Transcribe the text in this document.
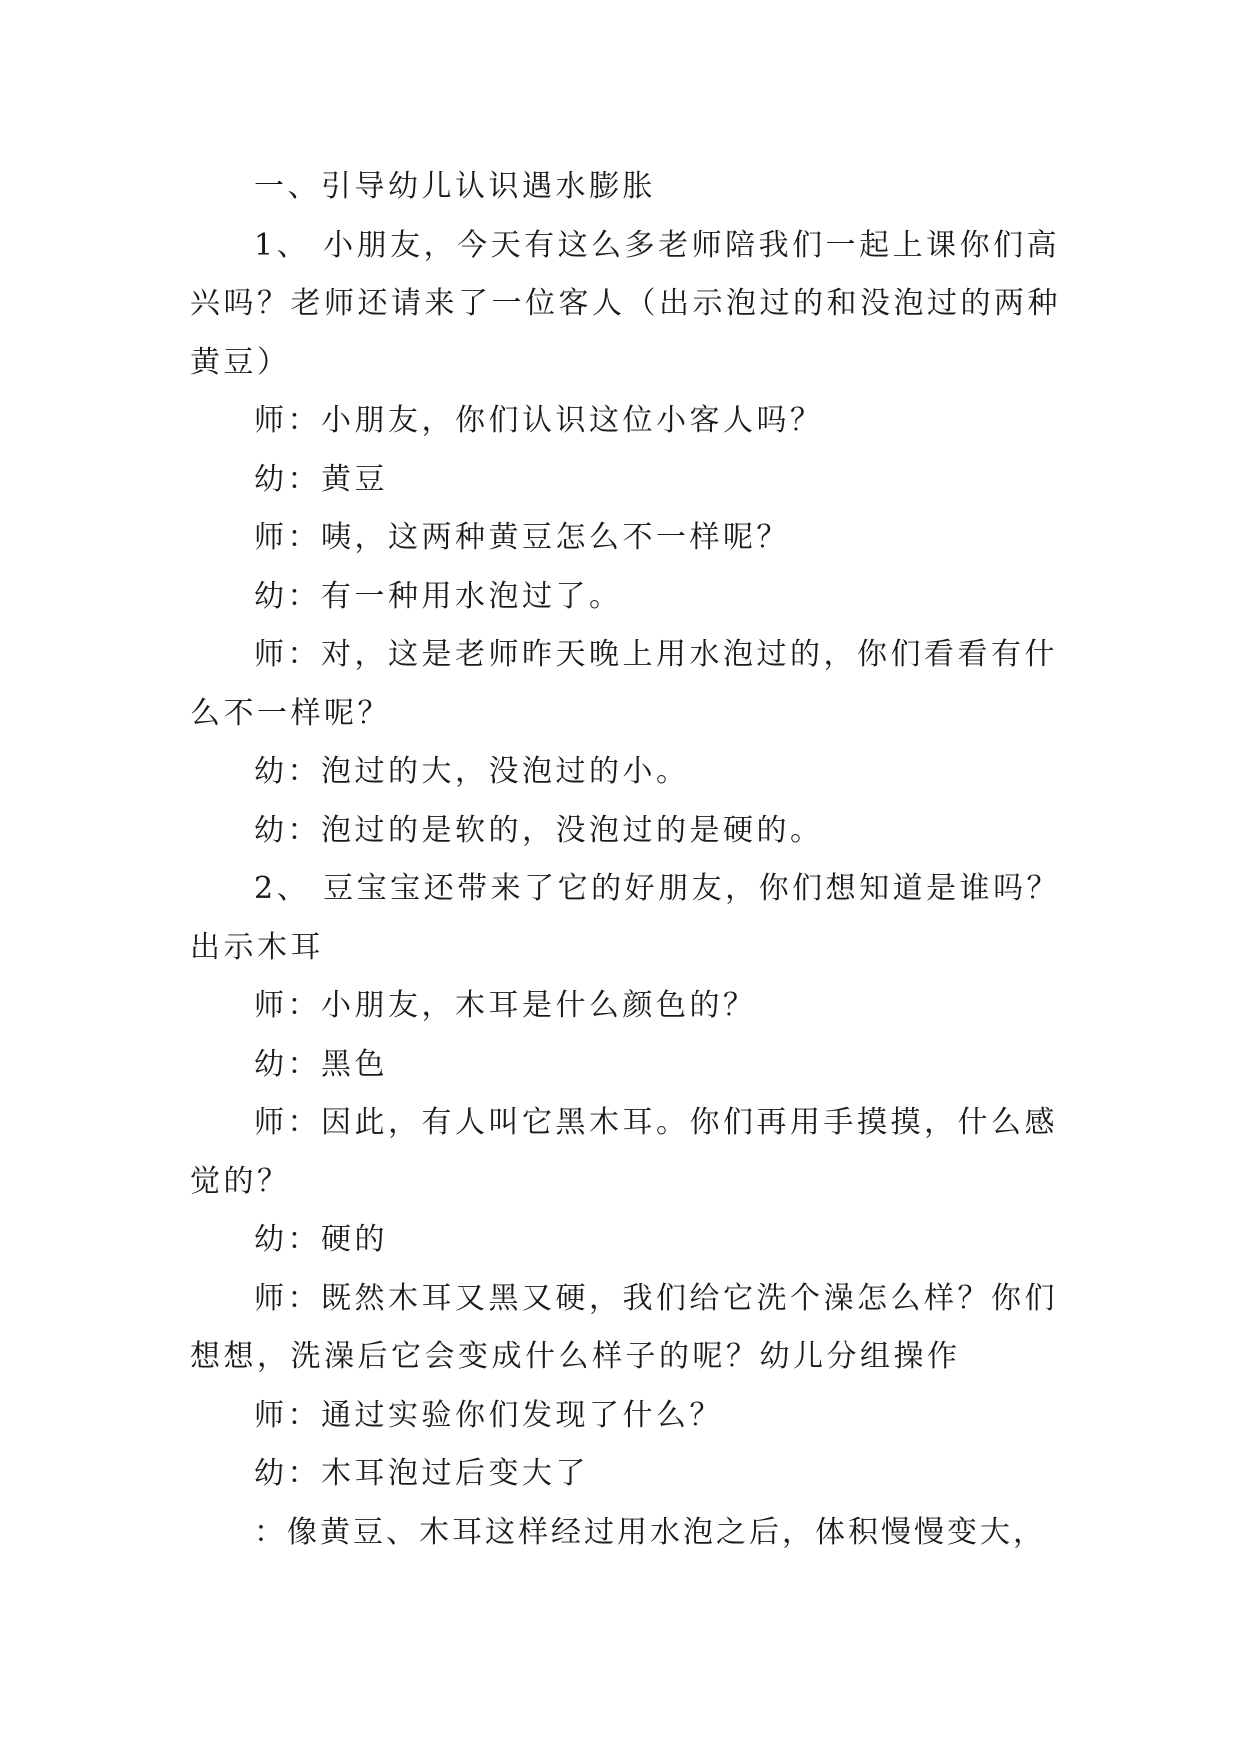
一、引导幼儿认识遇水膨胀

1、 小朋友，今天有这么多老师陪我们一起上课你们高兴吗？老师还请来了一位客人（出示泡过的和没泡过的两种黄豆）

师：小朋友，你们认识这位小客人吗？

幼：黄豆

师：咦，这两种黄豆怎么不一样呢？

幼：有一种用水泡过了。

师：对，这是老师昨天晚上用水泡过的，你们看看有什么不一样呢？

幼：泡过的大，没泡过的小。

幼：泡过的是软的，没泡过的是硬的。

2、 豆宝宝还带来了它的好朋友，你们想知道是谁吗？出示木耳

师：小朋友，木耳是什么颜色的？

幼：黑色

师：因此，有人叫它黑木耳。你们再用手摸摸，什么感觉的？

幼：硬的

师：既然木耳又黑又硬，我们给它洗个澡怎么样？你们想想，洗澡后它会变成什么样子的呢？幼儿分组操作

师：通过实验你们发现了什么？

幼：木耳泡过后变大了

：像黄豆、木耳这样经过用水泡之后，体积慢慢变大，
